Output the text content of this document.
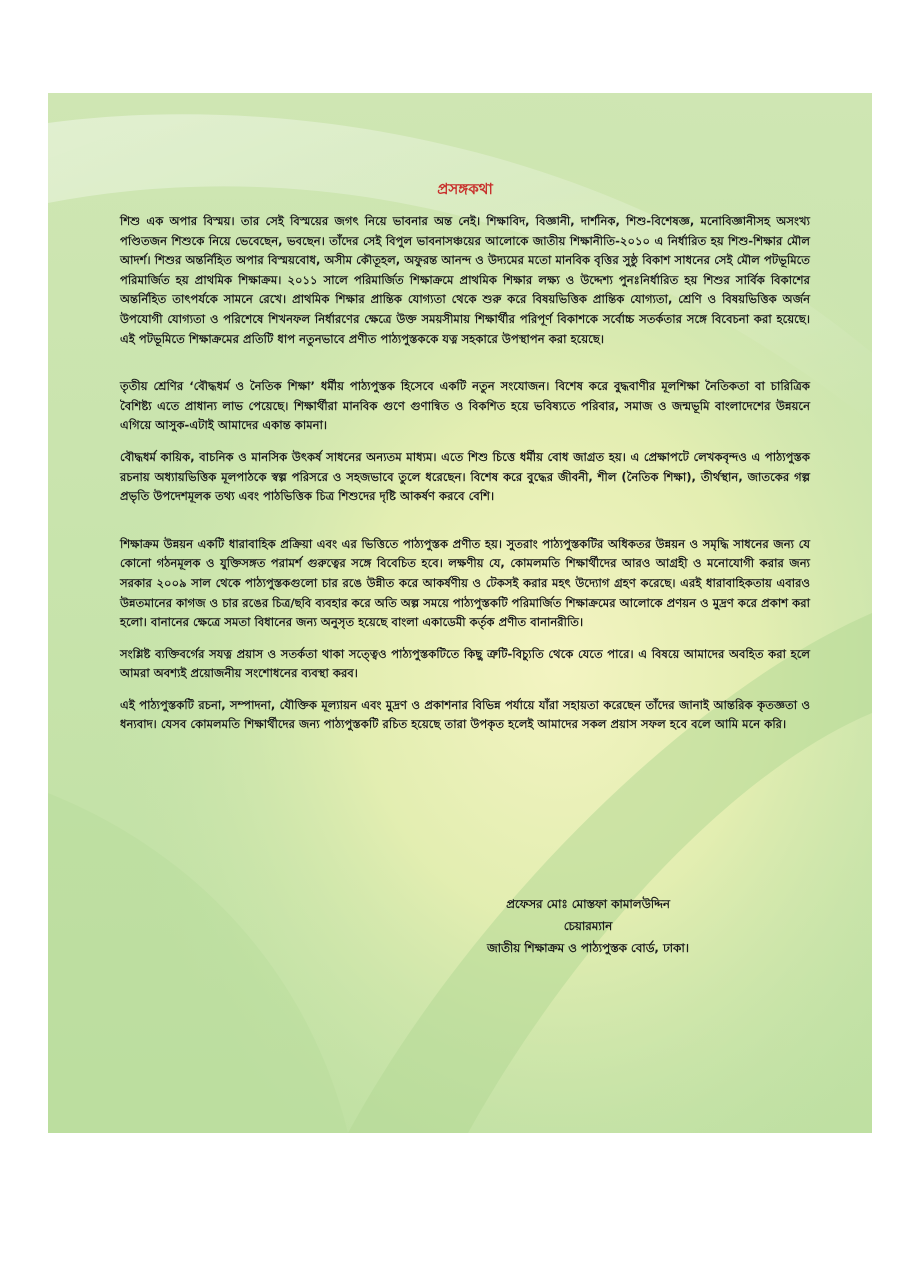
প্রসঙ্গকথা

শিশু এক অপার বিস্ময়। তার সেই বিস্ময়ের জগৎ নিয়ে ভাবনার অন্ত নেই। শিক্ষাবিদ, বিজ্ঞানী, দার্শনিক, শিশু-বিশেষজ্ঞ, মনোবিজ্ঞানীসহ অসংখ্য পণ্ডিতজন শিশুকে নিয়ে ভেবেছেন, ভবছেন। তাঁদের সেই বিপুল ভাবনাসঞ্চয়ের আলোকে জাতীয় শিক্ষানীতি-২০১০ এ নির্ধারিত হয় শিশু-শিক্ষার মৌল আদর্শ। শিশুর অন্তর্নিহিত অপার বিস্ময়বোধ, অসীম কৌতূহল, অফুরন্ত আনন্দ ও উদ্যমের মতো মানবিক বৃত্তির সুষ্ঠু বিকাশ সাধনের সেই মৌল পটভূমিতে পরিমার্জিত হয় প্রাথমিক শিক্ষাক্রম। ২০১১ সালে পরিমার্জিত শিক্ষাক্রমে প্রাথমিক শিক্ষার লক্ষ্য ও উদ্দেশ্য পুনঃনির্ধারিত হয় শিশুর সার্বিক বিকাশের অন্তর্নিহিত তাৎপর্যকে সামনে রেখে। প্রাথমিক শিক্ষার প্রান্তিক যোগ্যতা থেকে শুরু করে বিষয়ভিত্তিক প্রান্তিক যোগ্যতা, শ্রেণি ও বিষয়ভিত্তিক অর্জন উপযোগী যোগ্যতা ও পরিশেষে শিখনফল নির্ধারণের ক্ষেত্রে উক্ত সময়সীমায় শিক্ষার্থীর পরিপূর্ণ বিকাশকে সর্বোচ্চ সতর্কতার সঙ্গে বিবেচনা করা হয়েছে। এই পটভূমিতে শিক্ষাক্রমের প্রতিটি ধাপ নতুনভাবে প্রণীত পাঠ্যপুস্তককে যত্ন সহকারে উপস্থাপন করা হয়েছে।

তৃতীয় শ্রেণির ‘বৌদ্ধধর্ম ও নৈতিক শিক্ষা’ ধর্মীয় পাঠ্যপুস্তক হিসেবে একটি নতুন সংযোজন। বিশেষ করে বুদ্ধবাণীর মূলশিক্ষা নৈতিকতা বা চারিত্রিক বৈশিষ্ট্য এতে প্রাধান্য লাভ পেয়েছে। শিক্ষার্থীরা মানবিক গুণে গুণান্বিত ও বিকশিত হয়ে ভবিষ্যতে পরিবার, সমাজ ও জন্মভূমি বাংলাদেশের উন্নয়নে এগিয়ে আসুক-এটাই আমাদের একান্ত কামনা।

বৌদ্ধধর্ম কায়িক, বাচনিক ও মানসিক উৎকর্ষ সাধনের অন্যতম মাধ্যম। এতে শিশু চিত্তে ধর্মীয় বোধ জাগ্রত হয়। এ প্রেক্ষাপটে লেখকবৃন্দও এ পাঠ্যপুস্তক রচনায় অধ্যায়ভিত্তিক মূলপাঠকে স্বল্প পরিসরে ও সহজভাবে তুলে ধরেছেন। বিশেষ করে বুদ্ধের জীবনী, শীল (নৈতিক শিক্ষা), তীর্থস্থান, জাতকের গল্প প্রভৃতি উপদেশমূলক তথ্য এবং পাঠভিত্তিক চিত্র শিশুদের দৃষ্টি আকর্ষণ করবে বেশি।

শিক্ষাক্রম উন্নয়ন একটি ধারাবাহিক প্রক্রিয়া এবং এর ভিত্তিতে পাঠ্যপুস্তক প্রণীত হয়। সুতরাং পাঠ্যপুস্তকটির অধিকতর উন্নয়ন ও সমৃদ্ধি সাধনের জন্য যে কোনো গঠনমূলক ও যুক্তিসঙ্গত পরামর্শ গুরুত্বের সঙ্গে বিবেচিত হবে। লক্ষণীয় যে, কোমলমতি শিক্ষার্থীদের আরও আগ্রহী ও মনোযোগী করার জন্য সরকার ২০০৯ সাল থেকে পাঠ্যপুস্তকগুলো চার রঙে উন্নীত করে আকর্ষণীয় ও টেকসই করার মহৎ উদ্যোগ গ্রহণ করেছে। এরই ধারাবাহিকতায় এবারও উন্নতমানের কাগজ ও চার রঙের চিত্র/ছবি ব্যবহার করে অতি অল্প সময়ে পাঠ্যপুস্তকটি পরিমার্জিত শিক্ষাক্রমের আলোকে প্রণয়ন ও মুদ্রণ করে প্রকাশ করা হলো। বানানের ক্ষেত্রে সমতা বিধানের জন্য অনুসৃত হয়েছে বাংলা একাডেমী কর্তৃক প্রণীত বানানরীতি।

সংশ্লিষ্ট ব্যক্তিবর্গের সযত্ন প্রয়াস ও সতর্কতা থাকা সত্ত্বেও পাঠ্যপুস্তকটিতে কিছু ত্রুটি-বিচ্যুতি থেকে যেতে পারে। এ বিষয়ে আমাদের অবহিত করা হলে আমরা অবশ্যই প্রয়োজনীয় সংশোধনের ব্যবস্থা করব।

এই পাঠ্যপুস্তকটি রচনা, সম্পাদনা, যৌক্তিক মূল্যায়ন এবং মুদ্রণ ও প্রকাশনার বিভিন্ন পর্যায়ে যাঁরা সহায়তা করেছেন তাঁদের জানাই আন্তরিক কৃতজ্ঞতা ও ধন্যবাদ। যেসব কোমলমতি শিক্ষার্থীদের জন্য পাঠ্যপুস্তকটি রচিত হয়েছে তারা উপকৃত হলেই আমাদের সকল প্রয়াস সফল হবে বলে আমি মনে করি।

প্রফেসর মোঃ মোস্তফা কামালউদ্দিন
চেয়ারম্যান
জাতীয় শিক্ষাক্রম ও পাঠ্যপুস্তক বোর্ড, ঢাকা।
